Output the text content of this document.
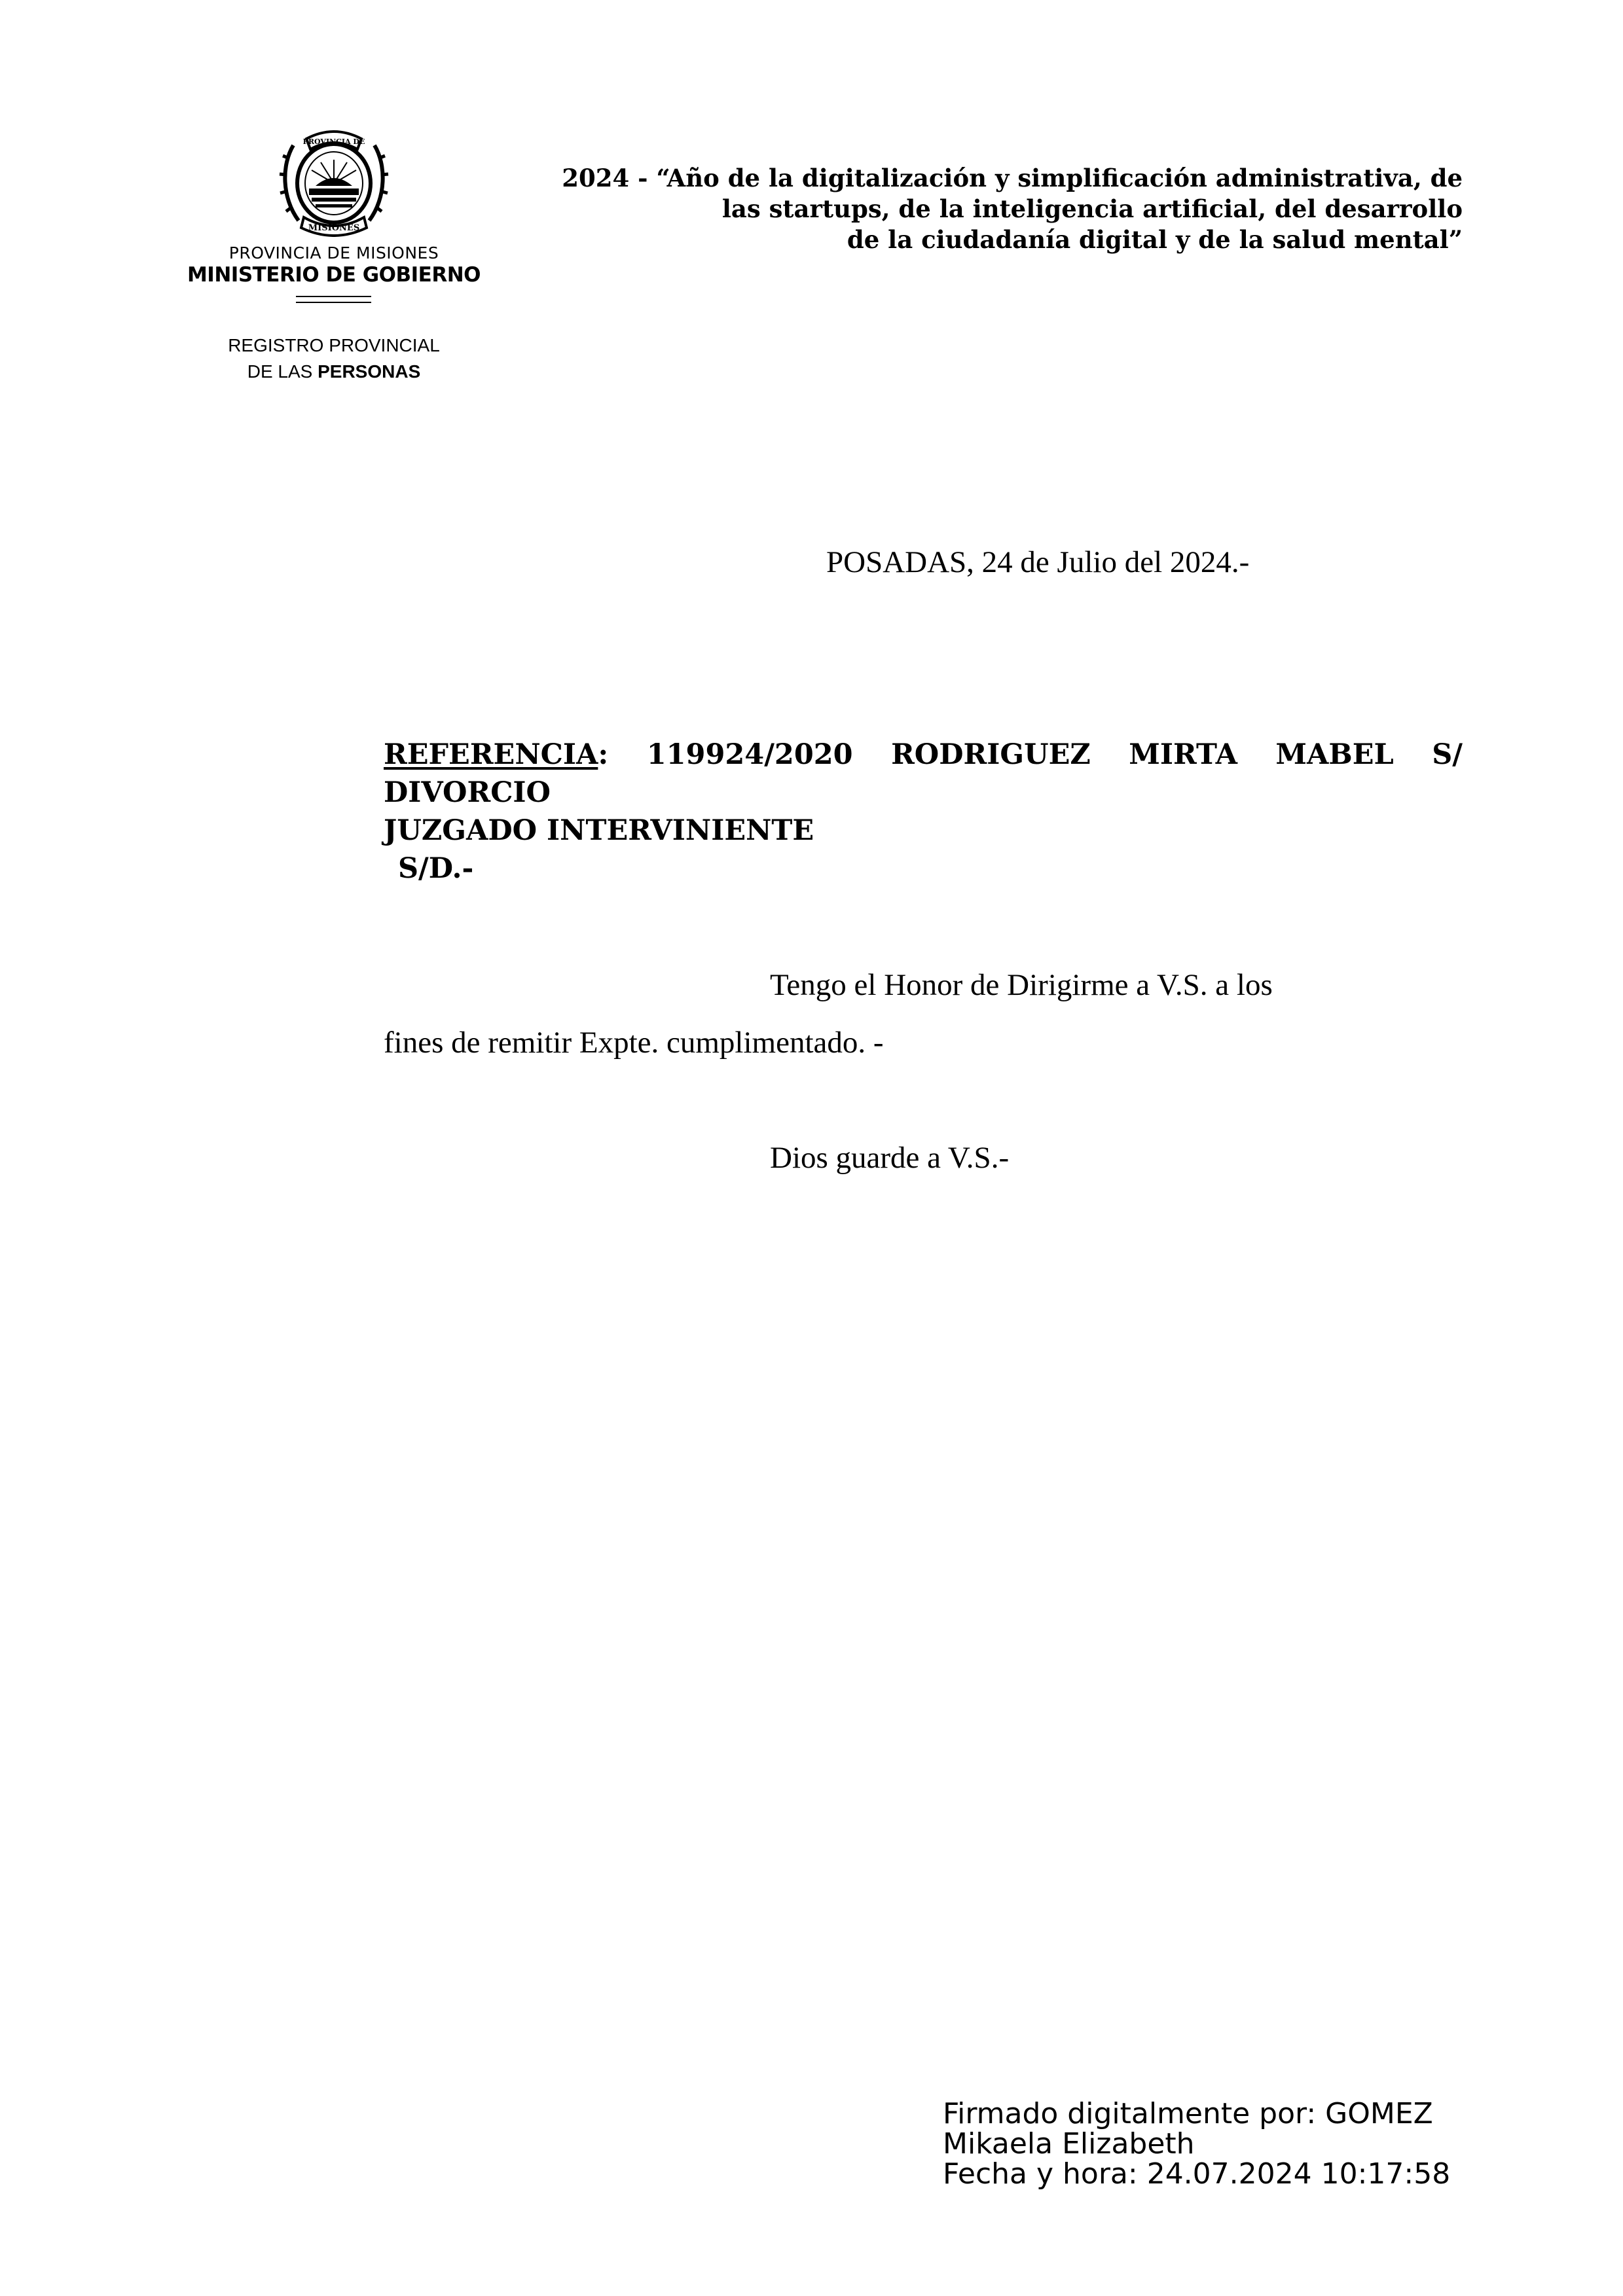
PROVINCIA DE
MISIONES
PROVINCIA DE MISIONES
MINISTERIO DE GOBIERNO
REGISTRO PROVINCIAL
DE LAS PERSONAS
2024 - “Año de la digitalización y simplificación administrativa, de
las startups, de la inteligencia artificial, del desarrollo
de la ciudadanía digital y de la salud mental”
POSADAS, 24 de Julio del 2024.-
REFERENCIA: 119924/2020 RODRIGUEZ MIRTA MABEL S/
DIVORCIO
JUZGADO INTERVINIENTE
S/D.-
Tengo el Honor de Dirigirme a V.S. a los
fines de remitir Expte. cumplimentado. -
Dios guarde a V.S.-
Firmado digitalmente por: GOMEZ
Mikaela Elizabeth
Fecha y hora: 24.07.2024 10:17:58
